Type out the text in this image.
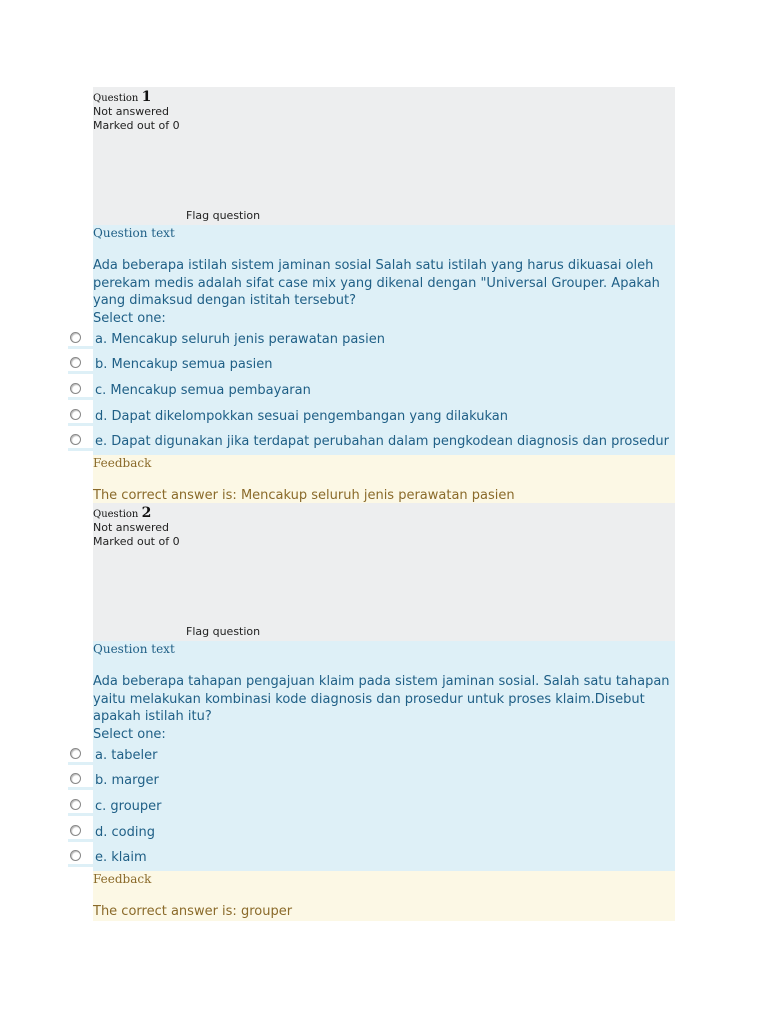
Question 1
Not answered
Marked out of 0
Flag question
Question text
Ada beberapa istilah sistem jaminan sosial Salah satu istilah yang harus dikuasai oleh perekam medis adalah sifat case mix yang dikenal dengan "Universal Grouper. Apakah yang dimaksud dengan istitah tersebut?
Select one:
a. Mencakup seluruh jenis perawatan pasien
b. Mencakup semua pasien
c. Mencakup semua pembayaran
d. Dapat dikelompokkan sesuai pengembangan yang dilakukan
e. Dapat digunakan jika terdapat perubahan dalam pengkodean diagnosis dan prosedur
Feedback
The correct answer is: Mencakup seluruh jenis perawatan pasien
Question 2
Not answered
Marked out of 0
Flag question
Question text
Ada beberapa tahapan pengajuan klaim pada sistem jaminan sosial. Salah satu tahapan yaitu melakukan kombinasi kode diagnosis dan prosedur untuk proses klaim.Disebut apakah istilah itu?
Select one:
a. tabeler
b. marger
c. grouper
d. coding
e. klaim
Feedback
The correct answer is: grouper
